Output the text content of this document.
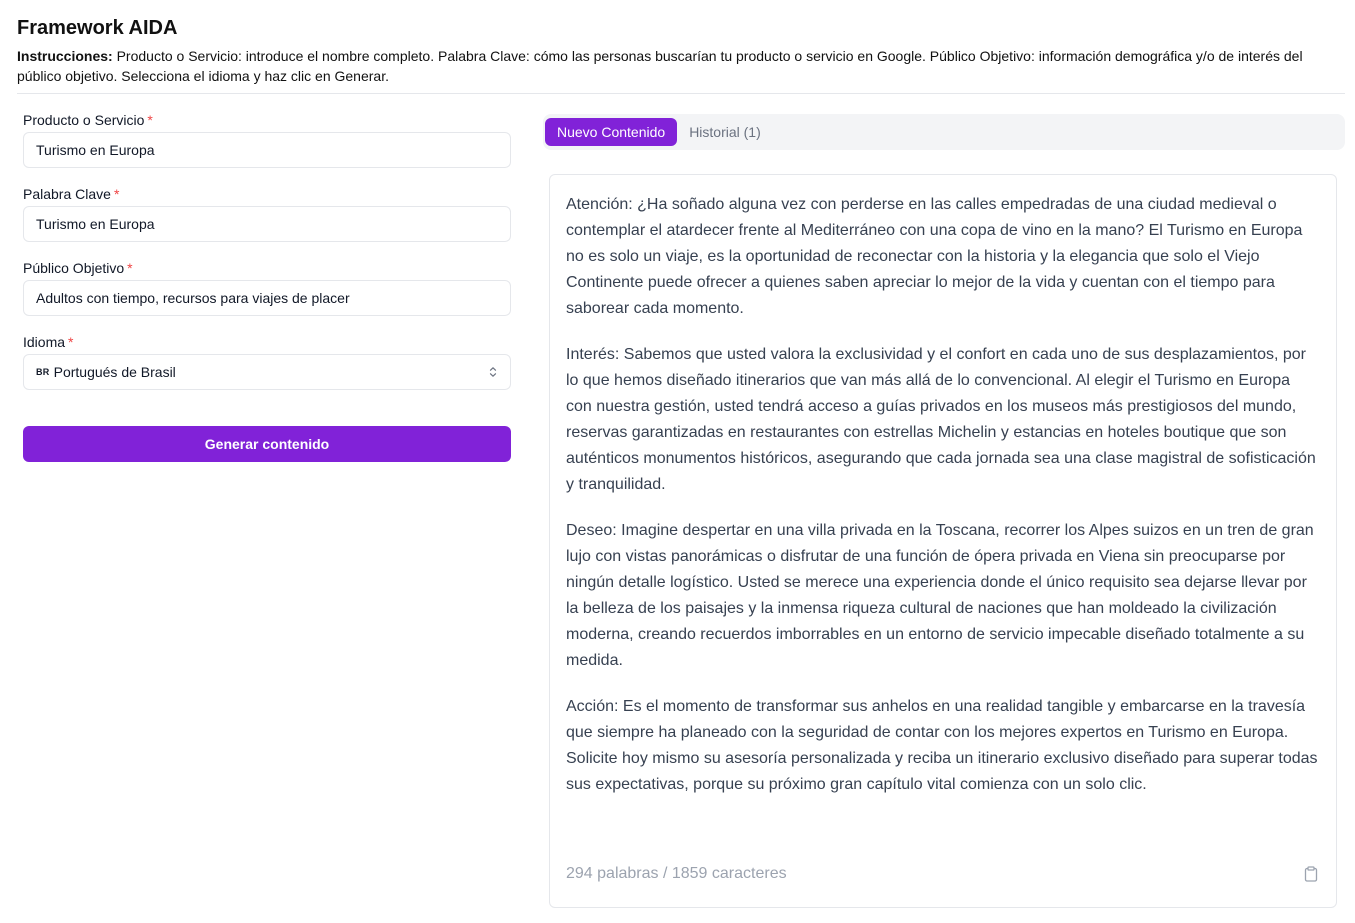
Framework AIDA
Instrucciones: Producto o Servicio: introduce el nombre completo. Palabra Clave: cómo las personas buscarían tu producto o servicio en Google. Público Objetivo: información demográfica y/o de interés del público objetivo. Selecciona el idioma y haz clic en Generar.
Producto o Servicio *
Turismo en Europa
Palabra Clave *
Turismo en Europa
Público Objetivo *
Adultos con tiempo, recursos para viajes de placer
Idioma *
BR Portugués de Brasil
Generar contenido
Nuevo Contenido	Historial (1)

Atención: ¿Ha soñado alguna vez con perderse en las calles empedradas de una ciudad medieval o contemplar el atardecer frente al Mediterráneo con una copa de vino en la mano? El Turismo en Europa no es solo un viaje, es la oportunidad de reconectar con la historia y la elegancia que solo el Viejo Continente puede ofrecer a quienes saben apreciar lo mejor de la vida y cuentan con el tiempo para saborear cada momento.

Interés: Sabemos que usted valora la exclusividad y el confort en cada uno de sus desplazamientos, por lo que hemos diseñado itinerarios que van más allá de lo convencional. Al elegir el Turismo en Europa con nuestra gestión, usted tendrá acceso a guías privados en los museos más prestigiosos del mundo, reservas garantizadas en restaurantes con estrellas Michelin y estancias en hoteles boutique que son auténticos monumentos históricos, asegurando que cada jornada sea una clase magistral de sofisticación y tranquilidad.

Deseo: Imagine despertar en una villa privada en la Toscana, recorrer los Alpes suizos en un tren de gran lujo con vistas panorámicas o disfrutar de una función de ópera privada en Viena sin preocuparse por ningún detalle logístico. Usted se merece una experiencia donde el único requisito sea dejarse llevar por la belleza de los paisajes y la inmensa riqueza cultural de naciones que han moldeado la civilización moderna, creando recuerdos imborrables en un entorno de servicio impecable diseñado totalmente a su medida.

Acción: Es el momento de transformar sus anhelos en una realidad tangible y embarcarse en la travesía que siempre ha planeado con la seguridad de contar con los mejores expertos en Turismo en Europa. Solicite hoy mismo su asesoría personalizada y reciba un itinerario exclusivo diseñado para superar todas sus expectativas, porque su próximo gran capítulo vital comienza con un solo clic.

294 palabras / 1859 caracteres
